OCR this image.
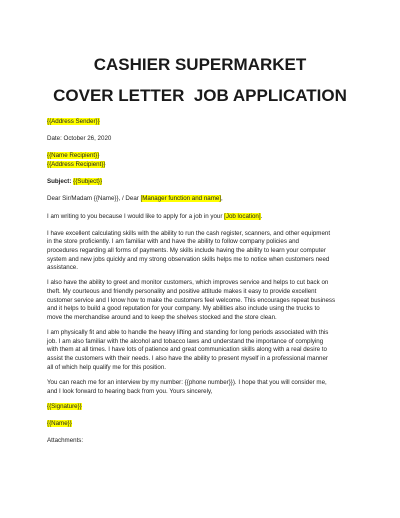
CASHIER SUPERMARKET
COVER LETTER  JOB APPLICATION
{{Address Sender}}
Date: October 26, 2020
{{Name Recipient}}
{{Address Recipient}}
Subject: {{Subject}}
Dear Sir/Madam {{Name}}, / Dear [Manager function and name],
I am writing to you because I would like to apply for a job in your [Job location].
I have excellent calculating skills with the ability to run the cash register, scanners, and other equipment
in the store proficiently. I am familiar with and have the ability to follow company policies and
procedures regarding all forms of payments. My skills include having the ability to learn your computer
system and new jobs quickly and my strong observation skills helps me to notice when customers need
assistance.
I also have the ability to greet and monitor customers, which improves service and helps to cut back on
theft. My courteous and friendly personality and positive attitude makes it easy to provide excellent
customer service and I know how to make the customers feel welcome. This encourages repeat business
and it helps to build a good reputation for your company. My abilities also include using the trucks to
move the merchandise around and to keep the shelves stocked and the store clean.
I am physically fit and able to handle the heavy lifting and standing for long periods associated with this
job. I am also familiar with the alcohol and tobacco laws and understand the importance of complying
with them at all times. I have lots of patience and great communication skills along with a real desire to
assist the customers with their needs. I also have the ability to present myself in a professional manner
all of which help qualify me for this position.
You can reach me for an interview by my number: {{phone number}}). I hope that you will consider me,
and I look forward to hearing back from you. Yours sincerely,
{{Signature}}
{{Name}}
Attachments:
